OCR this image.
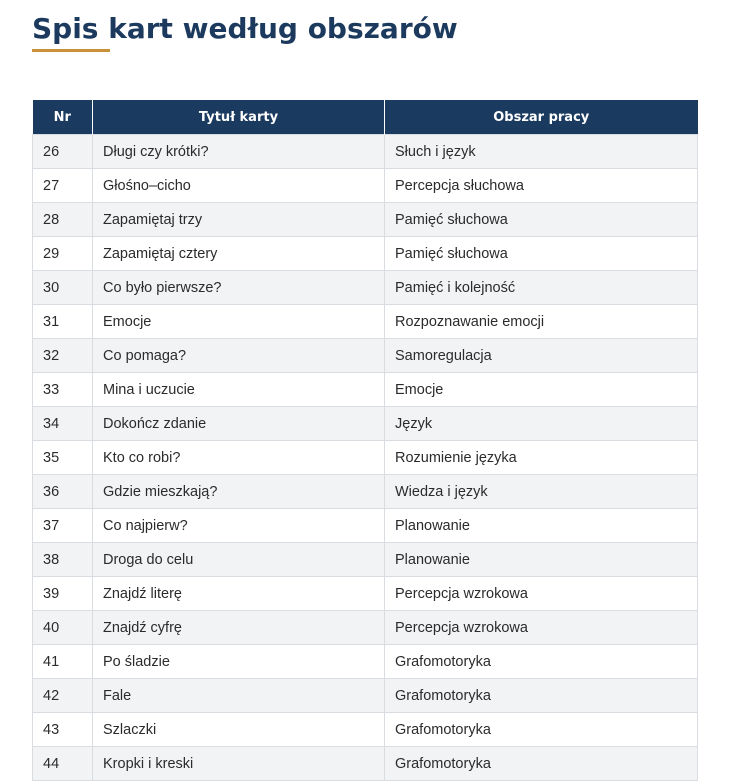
Spis kart według obszarów
Nr	Tytuł karty	Obszar pracy
26	Długi czy krótki?	Słuch i język
27	Głośno–cicho	Percepcja słuchowa
28	Zapamiętaj trzy	Pamięć słuchowa
29	Zapamiętaj cztery	Pamięć słuchowa
30	Co było pierwsze?	Pamięć i kolejność
31	Emocje	Rozpoznawanie emocji
32	Co pomaga?	Samoregulacja
33	Mina i uczucie	Emocje
34	Dokończ zdanie	Język
35	Kto co robi?	Rozumienie języka
36	Gdzie mieszkają?	Wiedza i język
37	Co najpierw?	Planowanie
38	Droga do celu	Planowanie
39	Znajdź literę	Percepcja wzrokowa
40	Znajdź cyfrę	Percepcja wzrokowa
41	Po śladzie	Grafomotoryka
42	Fale	Grafomotoryka
43	Szlaczki	Grafomotoryka
44	Kropki i kreski	Grafomotoryka
